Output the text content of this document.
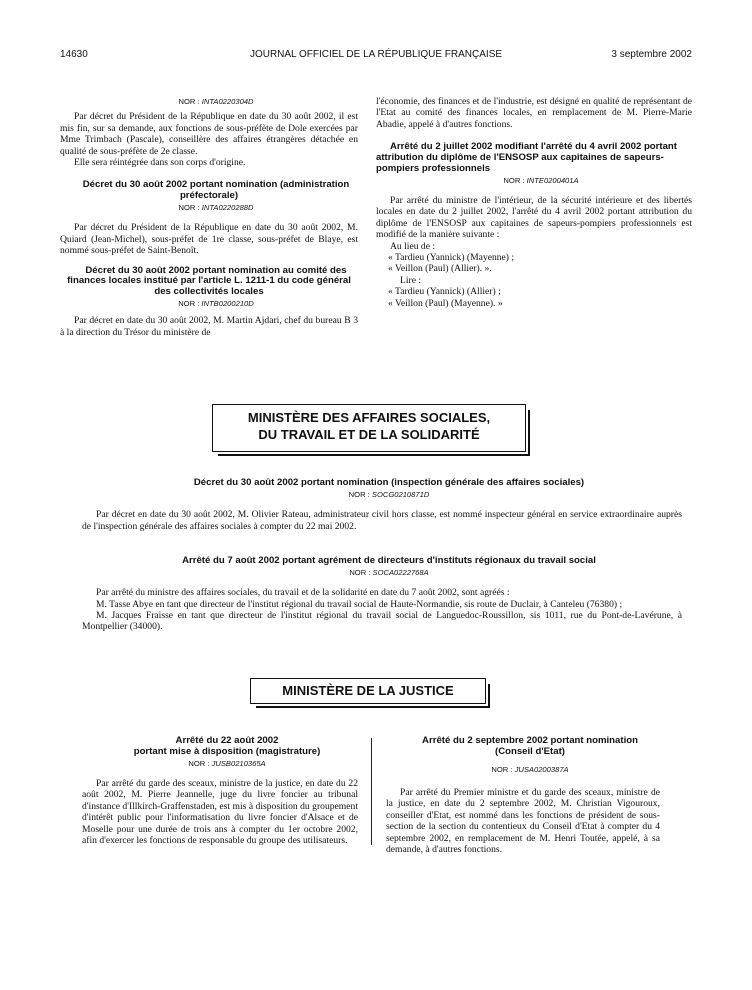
14630	JOURNAL OFFICIEL DE LA RÉPUBLIQUE FRANÇAISE	3 septembre 2002

NOR : INTA0220304D

Par décret du Président de la République en date du 30 août 2002, il est mis fin, sur sa demande, aux fonctions de sous-préfète de Dole exercées par Mme Trimbach (Pascale), conseillère des affaires étrangères détachée en qualité de sous-préfète de 2e classe.

Elle sera réintégrée dans son corps d'origine.

Décret du 30 août 2002 portant nomination (administration préfectorale)

NOR : INTA0220288D

Par décret du Président de la République en date du 30 août 2002, M. Quiard (Jean-Michel), sous-préfet de 1re classe, sous-préfet de Blaye, est nommé sous-préfet de Saint-Benoît.

Décret du 30 août 2002 portant nomination au comité des finances locales institué par l'article L. 1211-1 du code général des collectivités locales

NOR : INTB0200210D

Par décret en date du 30 août 2002, M. Martin Ajdari, chef du bureau B 3 à la direction du Trésor du ministère de

l'économie, des finances et de l'industrie, est désigné en qualité de représentant de l'Etat au comité des finances locales, en remplacement de M. Pierre-Marie Abadie, appelé à d'autres fonctions.

Arrêté du 2 juillet 2002 modifiant l'arrêté du 4 avril 2002 portant attribution du diplôme de l'ENSOSP aux capitaines de sapeurs-pompiers professionnels

NOR : INTE0200401A

Par arrêté du ministre de l'intérieur, de la sécurité intérieure et des libertés locales en date du 2 juillet 2002, l'arrêté du 4 avril 2002 portant attribution du diplôme de l'ENSOSP aux capitaines de sapeurs-pompiers professionnels est modifié de la manière suivante :

Au lieu de :

« Tardieu (Yannick) (Mayenne) ;

« Veillon (Paul) (Allier). ».

Lire :

« Tardieu (Yannick) (Allier) ;

« Veillon (Paul) (Mayenne). »

MINISTÈRE DES AFFAIRES SOCIALES,
DU TRAVAIL ET DE LA SOLIDARITÉ

Décret du 30 août 2002 portant nomination (inspection générale des affaires sociales)

NOR : SOCG0210871D

Par décret en date du 30 août 2002, M. Olivier Rateau, administrateur civil hors classe, est nommé inspecteur général en service extraordinaire auprès de l'inspection générale des affaires sociales à compter du 22 mai 2002.

Arrêté du 7 août 2002 portant agrément de directeurs d'instituts régionaux du travail social

NOR : SOCA0222768A

Par arrêté du ministre des affaires sociales, du travail et de la solidarité en date du 7 août 2002, sont agréés :

M. Tasse Abye en tant que directeur de l'institut régional du travail social de Haute-Normandie, sis route de Duclair, à Canteleu (76380) ;

M. Jacques Fraisse en tant que directeur de l'institut régional du travail social de Languedoc-Roussillon, sis 1011, rue du Pont-de-Lavérune, à Montpellier (34000).

MINISTÈRE DE LA JUSTICE

Arrêté du 22 août 2002

portant mise à disposition (magistrature)

NOR : JUSB0210365A

Par arrêté du garde des sceaux, ministre de la justice, en date du 22 août 2002, M. Pierre Jeannelle, juge du livre foncier au tribunal d'instance d'Illkirch-Graffenstaden, est mis à disposition du groupement d'intérêt public pour l'informatisation du livre foncier d'Alsace et de Moselle pour une durée de trois ans à compter du 1er octobre 2002, afin d'exercer les fonctions de responsable du groupe des utilisateurs.

Arrêté du 2 septembre 2002 portant nomination

(Conseil d'Etat)

NOR : JUSA0200387A

Par arrêté du Premier ministre et du garde des sceaux, ministre de la justice, en date du 2 septembre 2002, M. Christian Vigouroux, conseiller d'Etat, est nommé dans les fonctions de président de sous-section de la section du contentieux du Conseil d'Etat à compter du 4 septembre 2002, en remplacement de M. Henri Toutée, appelé, à sa demande, à d'autres fonctions.
